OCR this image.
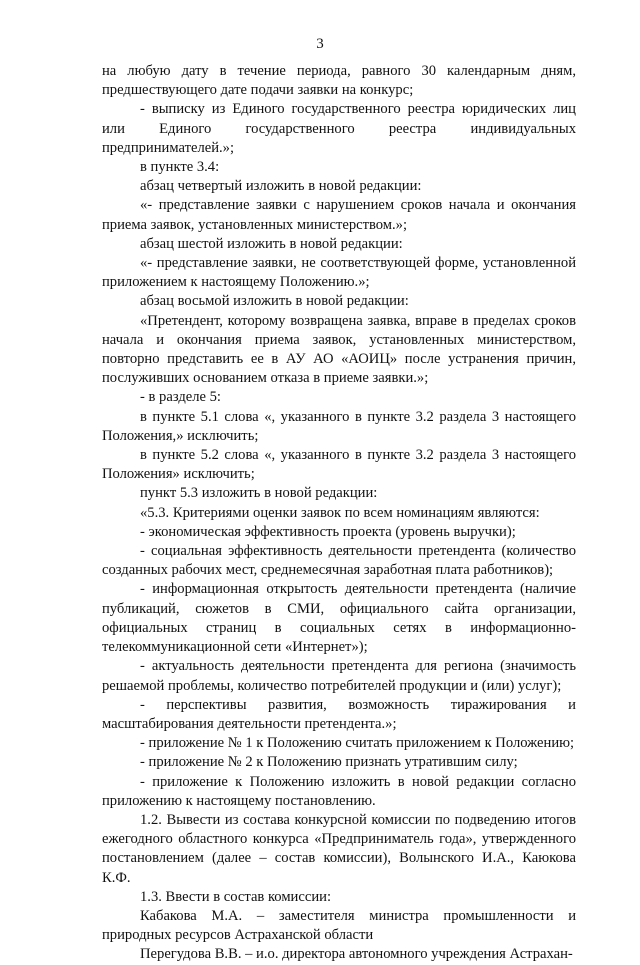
3

на любую дату в течение периода, равного 30 календарным дням, предшествующего дате подачи заявки на конкурс;

- выписку из Единого государственного реестра юридических лиц или Единого государственного реестра индивидуальных предпринимателей.»;

в пункте 3.4:

абзац четвертый изложить в новой редакции:

«- представление заявки с нарушением сроков начала и окончания приема заявок, установленных министерством.»;

абзац шестой изложить в новой редакции:

«- представление заявки, не соответствующей форме, установленной приложением к настоящему Положению.»;

абзац восьмой изложить в новой редакции:

«Претендент, которому возвращена заявка, вправе в пределах сроков начала и окончания приема заявок, установленных министерством, повторно представить ее в АУ АО «АОИЦ» после устранения причин, послуживших основанием отказа в приеме заявки.»;

- в разделе 5:

в пункте 5.1 слова «, указанного в пункте 3.2 раздела 3 настоящего Положения,» исключить;

в пункте 5.2 слова «, указанного в пункте 3.2 раздела 3 настоящего Положения» исключить;

пункт 5.3 изложить в новой редакции:

«5.3. Критериями оценки заявок по всем номинациям являются:

- экономическая эффективность проекта (уровень выручки);

- социальная эффективность деятельности претендента (количество созданных рабочих мест, среднемесячная заработная плата работников);

- информационная открытость деятельности претендента (наличие публикаций, сюжетов в СМИ, официального сайта организации, официальных страниц в социальных сетях в информационно-телекоммуникационной сети «Интернет»);

- актуальность деятельности претендента для региона (значимость решаемой проблемы, количество потребителей продукции и (или) услуг);

- перспективы развития, возможность тиражирования и масштабирования деятельности претендента.»;

- приложение № 1 к Положению считать приложением к Положению;

- приложение № 2 к Положению признать утратившим силу;

- приложение к Положению изложить в новой редакции согласно приложению к настоящему постановлению.

1.2. Вывести из состава конкурсной комиссии по подведению итогов ежегодного областного конкурса «Предприниматель года», утвержденного постановлением (далее – состав комиссии), Волынского И.А., Каюкова К.Ф.

1.3. Ввести в состав комиссии:

Кабакова М.А. – заместителя министра промышленности и природных ресурсов Астраханской области

Перегудова В.В. – и.о. директора автономного учреждения Астрахан-
